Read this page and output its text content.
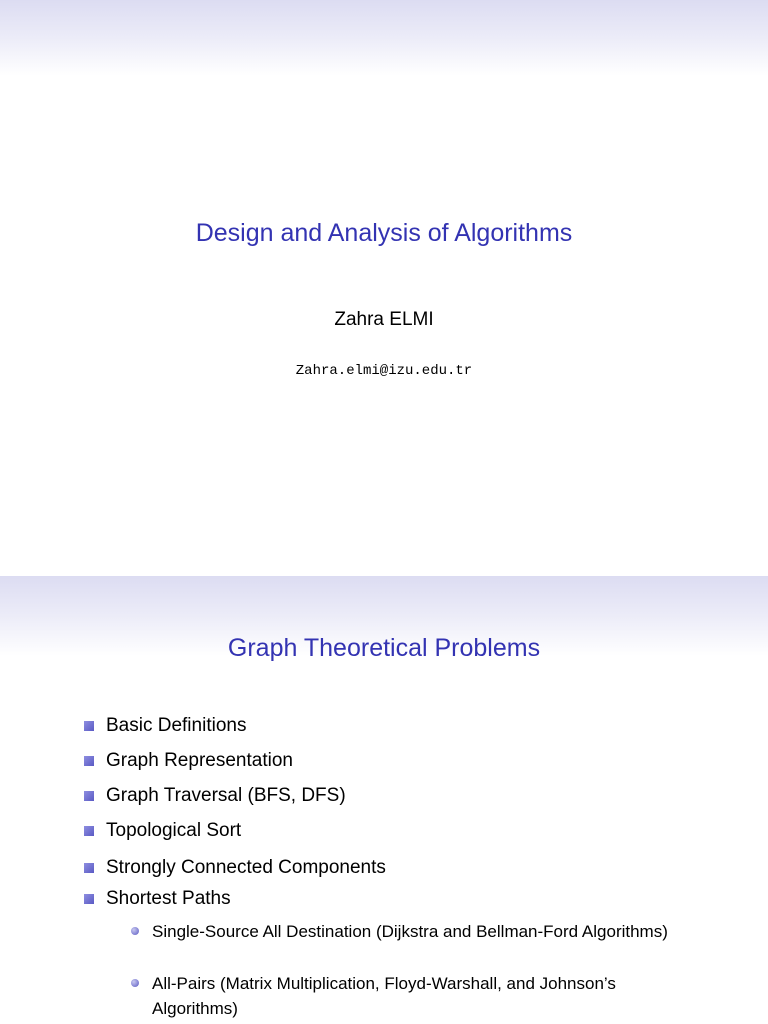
Design and Analysis of Algorithms
Zahra ELMI
Zahra.elmi@izu.edu.tr
Graph Theoretical Problems
Basic Definitions
Graph Representation
Graph Traversal (BFS, DFS)
Topological Sort
Strongly Connected Components
Shortest Paths
Single-Source All Destination (Dijkstra and Bellman-Ford Algorithms)
All-Pairs (Matrix Multiplication, Floyd-Warshall, and Johnson’s Algorithms)
